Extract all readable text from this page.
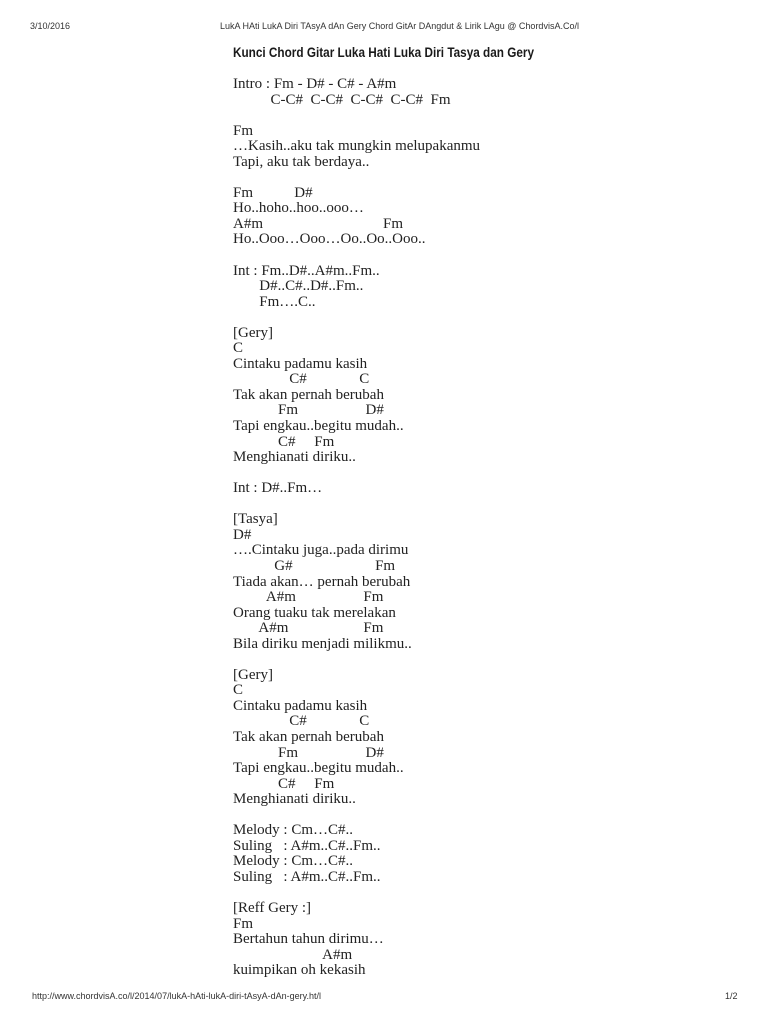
3/10/2016	LukA HAti LukA Diri TAsyA dAn Gery Chord GitAr DAngdut & Lirik LAgu @ ChordvisA.Co/l
Kunci Chord Gitar Luka Hati Luka Diri Tasya dan Gery
Intro : Fm - D# - C# - A#m
C-C#  C-C#  C-C#  C-C#  Fm
Fm
…Kasih..aku tak mungkin melupakanmu
Tapi, aku tak berdaya..
Fm           D#
Ho..hoho..hoo..ooo…
A#m                                Fm
Ho..Ooo…Ooo…Oo..Oo..Ooo..
Int : Fm..D#..A#m..Fm..
D#..C#..D#..Fm..
Fm….C..
[Gery]
C
Cintaku padamu kasih
C#              C
Tak akan pernah berubah
Fm                  D#
Tapi engkau..begitu mudah..
C#     Fm
Menghianati diriku..
Int : D#..Fm…
[Tasya]
D#
….Cintaku juga..pada dirimu
G#                      Fm
Tiada akan… pernah berubah
A#m                  Fm
Orang tuaku tak merelakan
A#m                    Fm
Bila diriku menjadi milikmu..
[Gery]
C
Cintaku padamu kasih
C#              C
Tak akan pernah berubah
Fm                  D#
Tapi engkau..begitu mudah..
C#     Fm
Menghianati diriku..
Melody : Cm…C#..
Suling   : A#m..C#..Fm..
Melody : Cm…C#..
Suling   : A#m..C#..Fm..
[Reff Gery :]
Fm
Bertahun tahun dirimu…
A#m
kuimpikan oh kekasih
http://www.chordvisA.co/l/2014/07/lukA-hAti-lukA-diri-tAsyA-dAn-gery.ht/l	1/2
